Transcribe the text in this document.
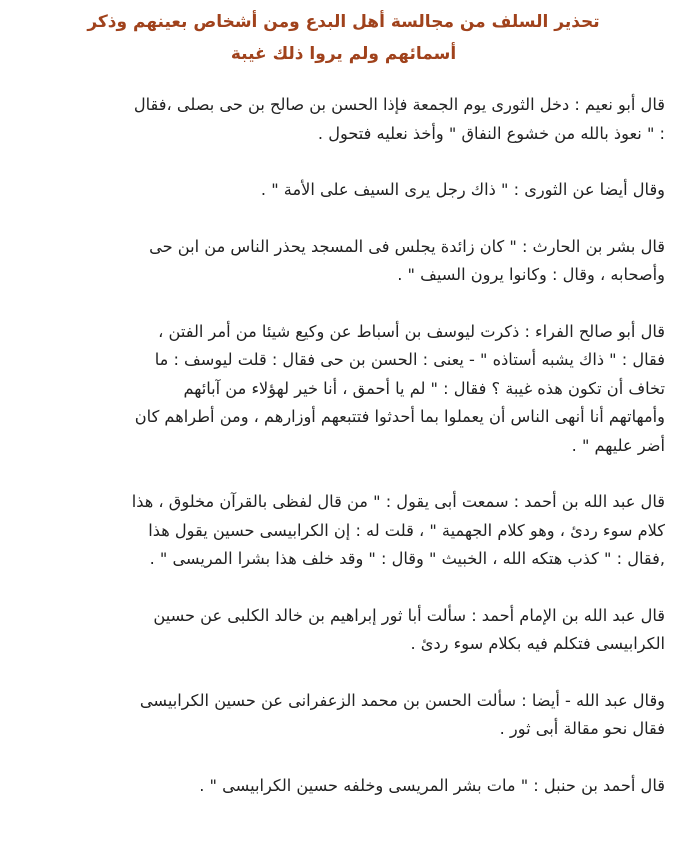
تحذير السلف من مجالسة أهل البدع ومن أشخاص بعينهم وذكر
أسمائهم ولم يروا ذلك غيبة

قال أبو نعيم : دخل الثورى يوم الجمعة فإذا الحسن بن صالح بن حى بصلى ،فقال
: " نعوذ بالله من خشوع النفاق " وأخذ نعليه فتحول .

وقال أيضا عن الثورى : " ذاك رجل يرى السيف على الأمة " .

قال بشر بن الحارث : " كان زائدة يجلس فى المسجد يحذر الناس من ابن حى
وأصحابه ، وقال : وكانوا يرون السيف " .

قال أبو صالح الفراء : ذكرت ليوسف بن أسباط عن وكيع شيئا من أمر الفتن ،
فقال : " ذاك يشبه أستاذه " - يعنى : الحسن بن حى فقال : قلت ليوسف : ما
تخاف أن تكون هذه غيبة ؟ فقال : " لم يا أحمق ، أنا خير لهؤلاء من آبائهم
وأمهاتهم أنا أنهى الناس أن يعملوا بما أحدثوا فتتبعهم أوزارهم ، ومن أطراهم كان
أضر عليهم " .

قال عبد الله بن أحمد : سمعت أبى يقول : " من قال لفظى بالقرآن مخلوق ، هذا
كلام سوء ردئ ، وهو كلام الجهمية " ، قلت له : إن الكرابيسى حسين يقول هذا
,فقال : " كذب هتكه الله ، الخبيث " وقال : " وقد خلف هذا بشرا المريسى " .

قال عبد الله بن الإمام أحمد : سألت أبا ثور إبراهيم بن خالد الكلبى عن حسين
الكرابيسى فتكلم فيه بكلام سوء ردئ .

وقال عبد الله - أيضا : سألت الحسن بن محمد الزعفرانى عن حسين الكرابيسى
فقال نحو مقالة أبى ثور .

قال أحمد بن حنبل : " مات بشر المريسى وخلفه حسين الكرابيسى " .
